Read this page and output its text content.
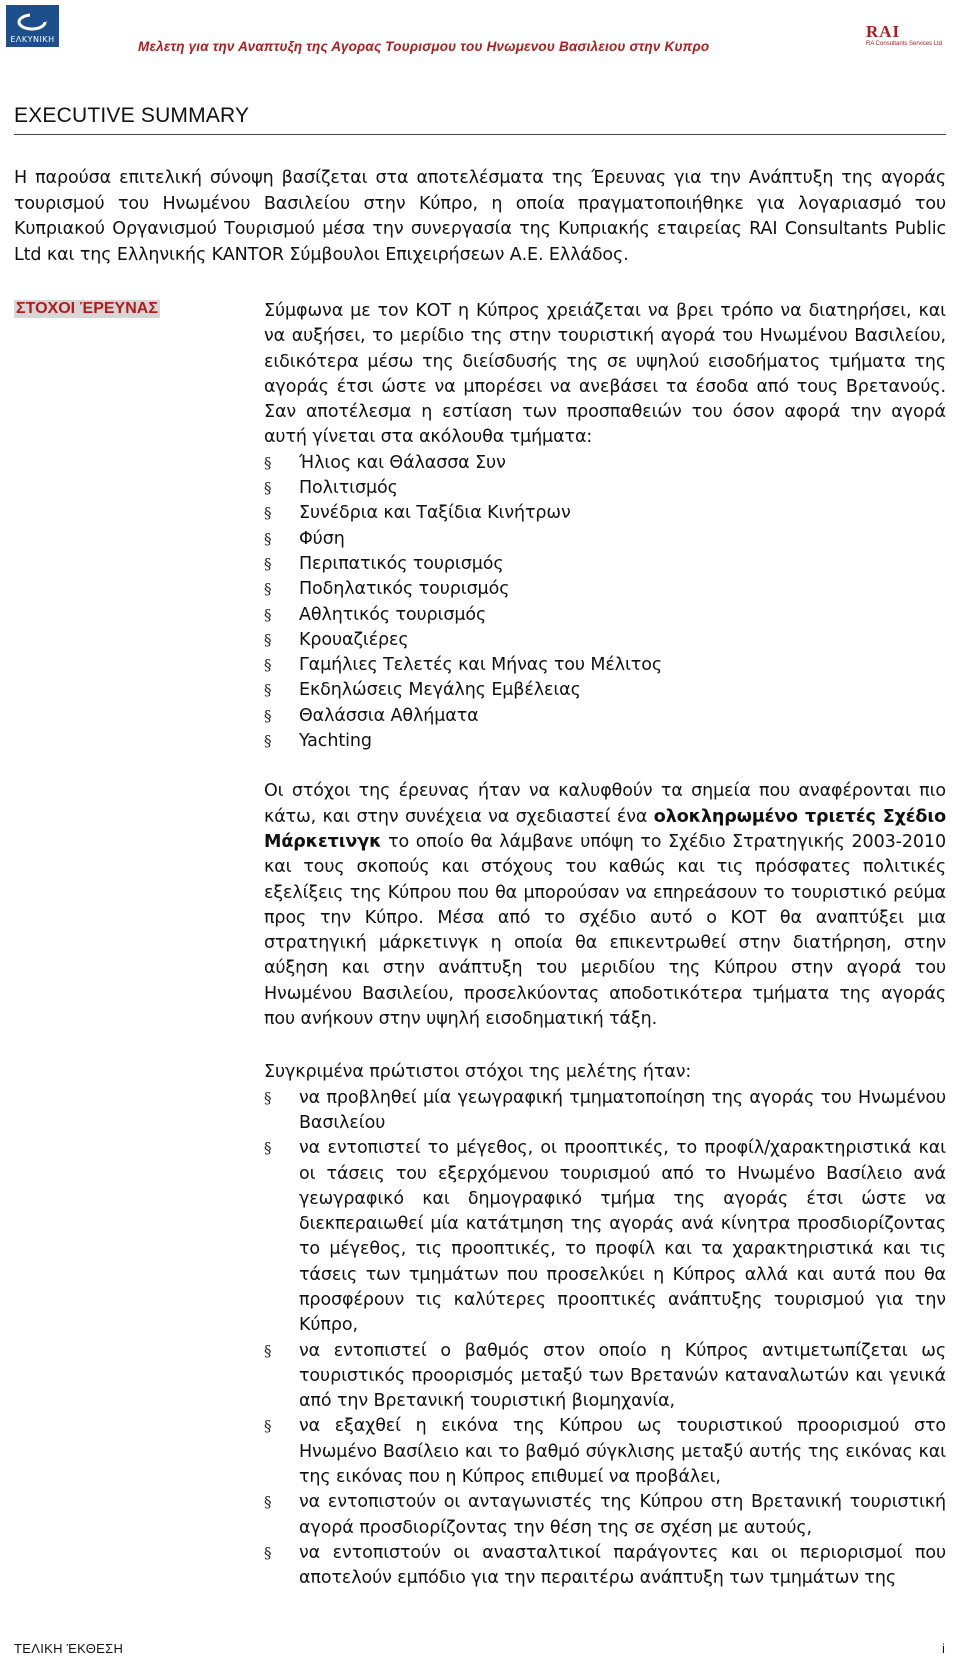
ΕΛΚΥΝΙΚΗ	Μελετη για την Αναπτυξη της Αγορας Τουρισμου του Ηνωμενου Βασιλειου στην Κυπρο
RAI
RA Consultants Services Ltd
EXECUTIVE SUMMARY
Η παρούσα επιτελική σύνοψη βασίζεται στα αποτελέσματα της Έρευνας για την Ανάπτυξη της αγοράς τουρισμού του Ηνωμένου Βασιλείου στην Κύπρο, η οποία πραγματοποιήθηκε για λογαριασμό του Κυπριακού Οργανισμού Τουρισμού μέσα την συνεργασία της Κυπριακής εταιρείας RAI Consultants Public Ltd και της Ελληνικής KANTOR Σύμβουλοι Επιχειρήσεων Α.Ε. Ελλάδος.
ΣΤΟΧΟΙ ΈΡΕΥΝΑΣ	Σύμφωνα με τον ΚΟΤ η Κύπρος χρειάζεται να βρει τρόπο να διατηρήσει, και να αυξήσει, το μερίδιο της στην τουριστική αγορά του Ηνωμένου Βασιλείου, ειδικότερα μέσω της διείσδυσής της σε υψηλού εισοδήματος τμήματα της αγοράς έτσι ώστε να μπορέσει να ανεβάσει τα έσοδα από τους Βρετανούς. Σαν αποτέλεσμα η εστίαση των προσπαθειών του όσον αφορά την αγορά αυτή γίνεται στα ακόλουθα τμήματα:

§ Ήλιος και Θάλασσα Συν
§ Πολιτισμός
§ Συνέδρια και Ταξίδια Κινήτρων
§ Φύση
§ Περιπατικός τουρισμός
§ Ποδηλατικός τουρισμός
§ Αθλητικός τουρισμός
§ Κρουαζιέρες
§ Γαμήλιες Τελετές και Μήνας του Μέλιτος
§ Εκδηλώσεις Μεγάλης Εμβέλειας
§ Θαλάσσια Αθλήματα
§ Yachting

Οι στόχοι της έρευνας ήταν να καλυφθούν τα σημεία που αναφέρονται πιο κάτω, και στην συνέχεια να σχεδιαστεί ένα ολοκληρωμένο τριετές Σχέδιο Μάρκετινγκ το οποίο θα λάμβανε υπόψη το Σχέδιο Στρατηγικής 2003-2010 και τους σκοπούς και στόχους του καθώς και τις πρόσφατες πολιτικές εξελίξεις της Κύπρου που θα μπορούσαν να επηρεάσουν το τουριστικό ρεύμα προς την Κύπρο. Μέσα από το σχέδιο αυτό ο ΚΟΤ θα αναπτύξει μια στρατηγική μάρκετινγκ η οποία θα επικεντρωθεί στην διατήρηση, στην αύξηση και στην ανάπτυξη του μεριδίου της Κύπρου στην αγορά του Ηνωμένου Βασιλείου, προσελκύοντας αποδοτικότερα τμήματα της αγοράς που ανήκουν στην υψηλή εισοδηματική τάξη.

Συγκριμένα πρώτιστοι στόχοι της μελέτης ήταν:

§ να προβληθεί μία γεωγραφική τμηματοποίηση της αγοράς του Ηνωμένου Βασιλείου
§ να εντοπιστεί το μέγεθος, οι προοπτικές, το προφίλ/χαρακτηριστικά και οι τάσεις του εξερχόμενου τουρισμού από το Ηνωμένο Βασίλειο ανά γεωγραφικό και δημογραφικό τμήμα της αγοράς έτσι ώστε να διεκπεραιωθεί μία κατάτμηση της αγοράς ανά κίνητρα προσδιορίζοντας το μέγεθος, τις προοπτικές, το προφίλ και τα χαρακτηριστικά και τις τάσεις των τμημάτων που προσελκύει η Κύπρος αλλά και αυτά που θα προσφέρουν τις καλύτερες προοπτικές ανάπτυξης τουρισμού για την Κύπρο,
§ να εντοπιστεί ο βαθμός στον οποίο η Κύπρος αντιμετωπίζεται ως τουριστικός προορισμός μεταξύ των Βρετανών καταναλωτών και γενικά από την Βρετανική τουριστική βιομηχανία,
§ να εξαχθεί η εικόνα της Κύπρου ως τουριστικού προορισμού στο Ηνωμένο Βασίλειο και το βαθμό σύγκλισης μεταξύ αυτής της εικόνας και της εικόνας που η Κύπρος επιθυμεί να προβάλει,
§ να εντοπιστούν οι ανταγωνιστές της Κύπρου στη Βρετανική τουριστική αγορά προσδιορίζοντας την θέση της σε σχέση με αυτούς,
§ να εντοπιστούν οι ανασταλτικοί παράγοντες και οι περιορισμοί που αποτελούν εμπόδιο για την περαιτέρω ανάπτυξη των τμημάτων της
ΤΕΛΙΚΗ ΈΚΘΕΣΗ	i
